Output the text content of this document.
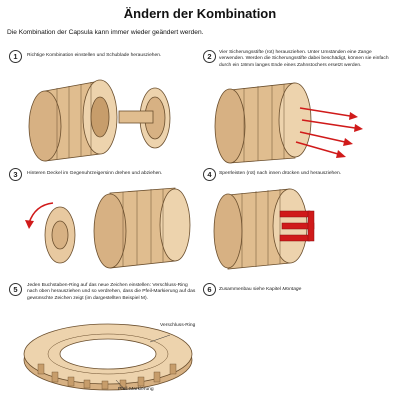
Ändern der Kombination
Die Kombination der Capsula kann immer wieder geändert werden.
1	Richtige Kombination einstellen und Schublade herausziehen.	2	Vier Sicherungsstifte (rot) herausziehen. Unter Umständen eine Zange verwenden. Werden die Sicherungsstifte dabei beschädigt, können sie einfach durch ein 18mm langes Ende eines Zahnstochers ersetzt werden.
3	Hinteren Deckel im Gegenuhrzeigersinn drehen und abziehen.	4	Sperrleisten (rot) nach innen drücken und herausziehen.
5	Jeden Buchstaben-Ring auf das neue Zeichen einstellen: Verschluss-Ring nach oben herausziehen und so verdrehen, dass die Pfeil-Markierung auf das gewünschte Zeichen zeigt (im dargestellten Beispiel M).
Verschluss-Ring
Pfeil-Markierung
6	Zusammenbau siehe Kapitel Montage
